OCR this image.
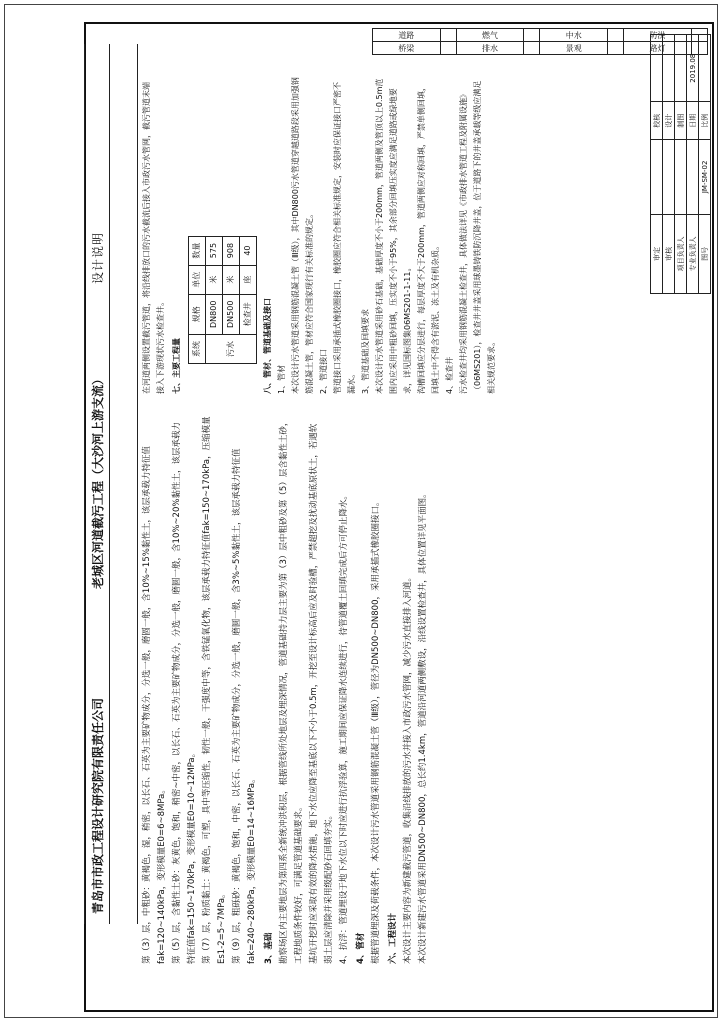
道路		燃气		中水		防洪	
桥梁		排水		景观		路灯	
青岛市市政工程设计研究院有限责任公司
老城区河道截污工程（大沙河上游支流）
设计说明

第（3）层，中粗砂：黄褐色，湿，稍密，以长石、石英为主要矿物成分，分选一般，磨圆一般，含10%~15%黏性土，该层承载力特征值fak=120~140kPa，变形模量E0=6~8MPa。 第（5）层，含黏性土砂：灰黄色，饱和，稍密~中密，以长石、石英为主要矿物成分，分选一般，磨圆一般，含10%~20%黏性土，该层承载力特征值fak=150~170kPa，变形模量E0=10~12MPa。 第（7）层，粉质黏土：黄褐色，可塑，具中等压缩性，韧性一般，干强度中等，含铁锰氧化物，该层承载力特征值fak=150~170kPa，压缩模量Es1-2=5~7MPa。 第（9）层，粗砾砂：黄褐色，饱和，中密，以长石、石英为主要矿物成分，分选一般，磨圆一般，含3%~5%黏性土，该层承载力特征值fak=240~280kPa，变形模量E0=14~16MPa。 3、基础 勘察场区内主要地层为第四系全新统冲洪积层，根据管线所处地层及埋深情况，管道基础持力层主要为第（3）层中粗砂及第（5）层含黏性土砂，工程地质条件较好，可满足管道基础要求。 基坑开挖时应采取有效的降水措施，地下水位应降至基底以下不小于0.5m，开挖至设计标高后应及时验槽，严禁超挖及扰动基底原状土，若遇软弱土层应清除并采用级配砂石回填夯实。 4、抗浮：管道埋设于地下水位以下时应进行抗浮验算，施工期间应保证降水连续进行，待管道覆土回填完成后方可停止降水。 4、管材 根据管道埋深及荷载条件，本次设计污水管道采用钢筋混凝土管（Ⅲ级），管径为DN500~DN800，采用承插式橡胶圈接口。 六、工程设计 本次设计主要内容为新建截污管道，收集沿线排放的污水并接入市政污水管网，减少污水直接排入河道。 本次设计新建污水管道采用DN500~DN800，总长约1.4km，管道沿河道两侧敷设，沿线设置检查井，具体位置详见平面图。

在河道两侧设置截污管道，将沿线排放口的污水截流后接入市政污水管网，截污管道末端接入下游现状污水检查井。 七、主要工程量	系统	规格	单位	数量
污水	DN800	米	575
	DN500	米	908
	检查井	座	40

八、管材、管道基础及接口 1、管材 本次设计污水管道采用钢筋混凝土管（Ⅲ级），其中DN800污水管道穿越道路段采用加强钢筋混凝土管，管材应符合国家现行有关标准的规定。 2、管道接口 管道接口采用承插式橡胶圈接口，橡胶圈应符合相关标准规定，安装时应保证接口严密不漏水。 3、管道基础及回填要求 本次设计污水管道采用砂石基础，基础厚度不小于200mm，管道两侧及管顶以上0.5m范围内应采用中粗砂回填，压实度不小于95%，其余部分回填压实度应满足道路或绿地要求，详见国标图集06MS201-1-11。 沟槽回填应分层进行，每层厚度不大于200mm，管道两侧应对称回填，严禁单侧回填，回填土中不得含有淤泥、冻土及有机杂质。 4、检查井 污水检查井均采用钢筋混凝土检查井，具体做法详见《市政排水管道工程及附属设施》（06MS201），检查井井盖采用球墨铸铁防沉降井盖，位于道路下的井盖承载等级应满足相关规范要求。

审定		校核	
审核		设计	
项目负责人		制图	
专业负责人		日期	2019.08
图号	JM-SM-02	比例	
